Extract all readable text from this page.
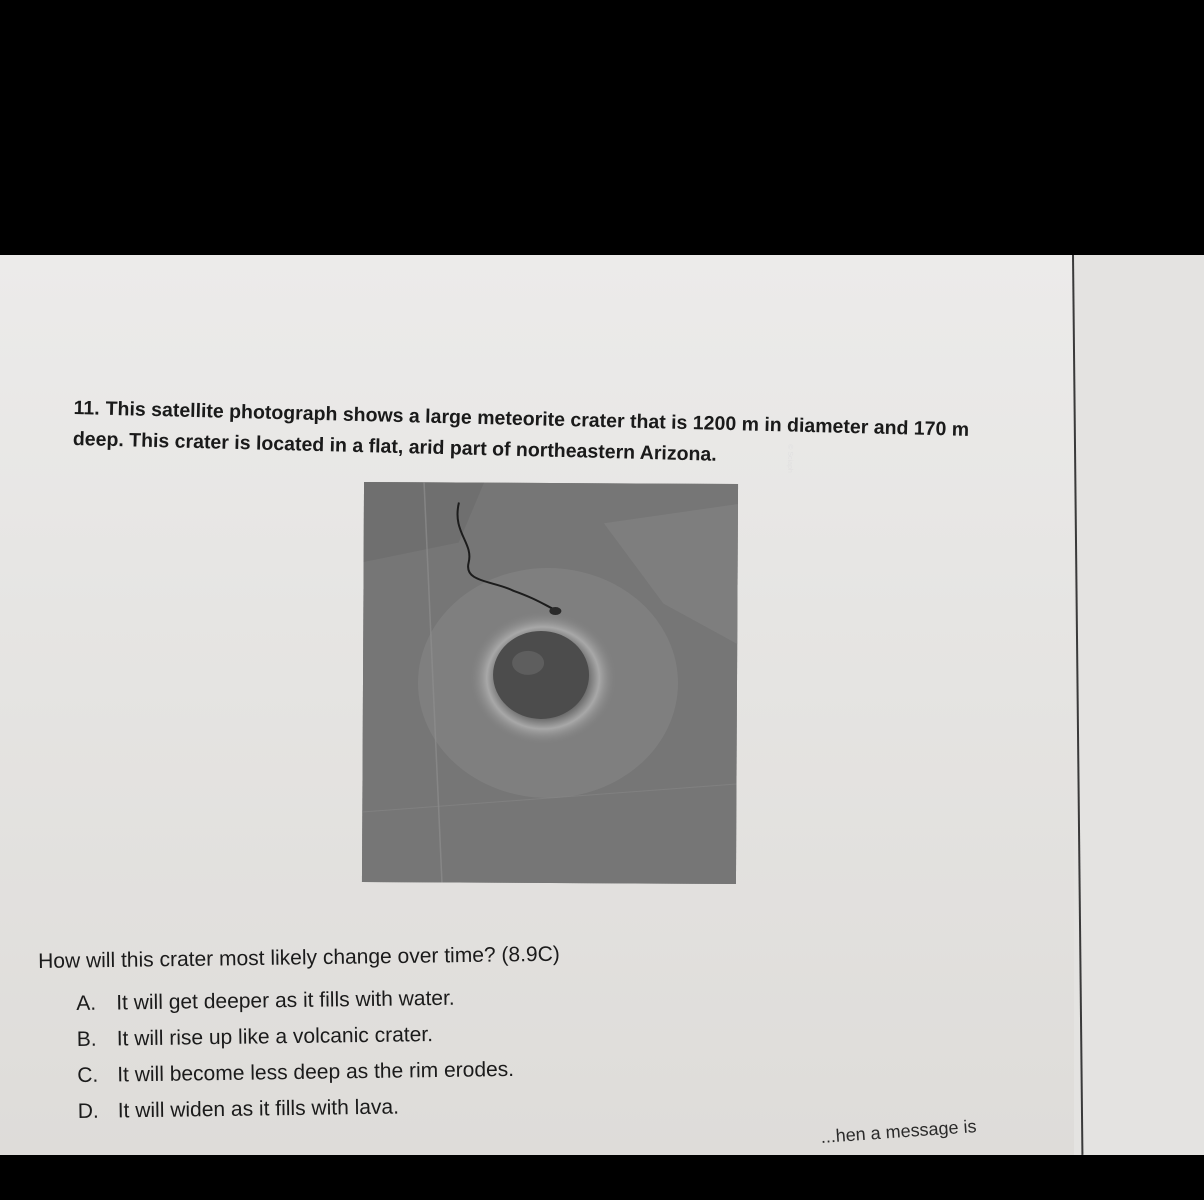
11. This satellite photograph shows a large meteorite crater that is 1200 m in diameter and 170 m deep. This crater is located in a flat, arid part of northeastern Arizona.	© Sciaph

How will this crater most likely change over time? (8.9C)

A. It will get deeper as it fills with water.
B. It will rise up like a volcanic crater.
C. It will become less deep as the rim erodes.
D. It will widen as it fills with lava.

...hen a message is
